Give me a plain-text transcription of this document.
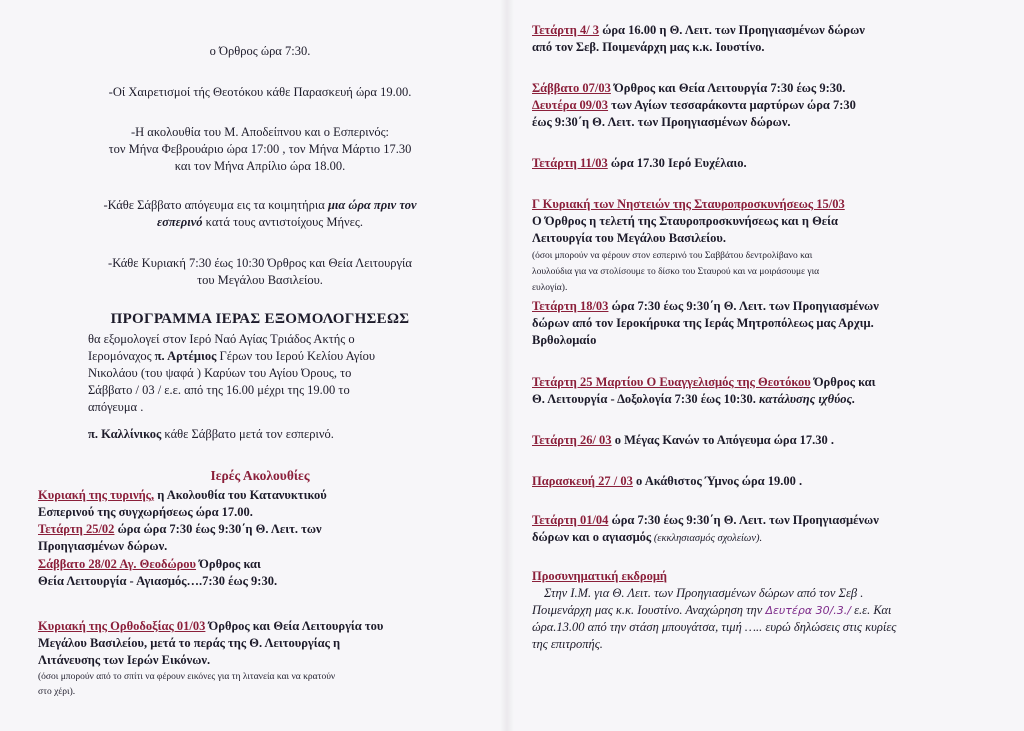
ο Όρθρος ώρα 7:30.
-Οί Χαιρετισμοί τής Θεοτόκου κάθε Παρασκευή ώρα 19.00.
-Η ακολουθία του Μ. Αποδείπνου και ο Εσπερινός:
τον Μήνα Φεβρουάριο ώρα 17:00 , τον Μήνα Μάρτιο 17.30
και τον Μήνα Απρίλιο ώρα 18.00.
-Κάθε Σάββατο απόγευμα εις τα κοιμητήρια μια ώρα πριν τον
εσπερινό κατά τους αντιστοίχους Μήνες.
-Κάθε Κυριακή 7:30 έως 10:30 Όρθρος και Θεία Λειτουργία
του Μεγάλου Βασιλείου.
ΠΡΟΓΡΑΜΜΑ ΙΕΡΑΣ ΕΞΟΜΟΛΟΓΗΣΕΩΣ
θα εξομολογεί στον Ιερό Ναό Αγίας Τριάδος Ακτής ο
Ιερομόναχος π. Αρτέμιος Γέρων του Ιερού Κελίου Αγίου
Νικολάου (του ψαφά ) Καρύων του Αγίου Όρους, το
Σάββατο / 03 / ε.ε. από της 16.00 μέχρι της 19.00 το
απόγευμα .
π. Καλλίνικος κάθε Σάββατο μετά τον εσπερινό.
Ιερές Ακολουθίες
Κυριακή της τυρινής, η Ακολουθία του Κατανυκτικού
Εσπερινού της συγχωρήσεως ώρα 17.00.
Τετάρτη 25/02 ώρα ώρα 7:30 έως 9:30΄η Θ. Λειτ. των
Προηγιασμένων δώρων.
Σάββατο 28/02 Αγ. Θεοδώρου Όρθρος και
Θεία Λειτουργία - Αγιασμός….7:30 έως 9:30.
Κυριακή της Ορθοδοξίας 01/03 Όρθρος και Θεία Λειτουργία του
Μεγάλου Βασιλείου, μετά το περάς της Θ. Λειτουργίας η
Λιτάνευσης των Ιερών Εικόνων.
(όσοι μπορούν από το σπίτι να φέρουν εικόνες για τη λιτανεία και να κρατούν
στο χέρι).
Τετάρτη 4/ 3 ώρα 16.00 η Θ. Λειτ. των Προηγιασμένων δώρων
από τον Σεβ. Ποιμενάρχη μας κ.κ. Ιουστίνο.
Σάββατο 07/03 Όρθρος και Θεία Λειτουργία 7:30 έως 9:30.
Δευτέρα 09/03 των Αγίων τεσσαράκοντα μαρτύρων ώρα 7:30
έως 9:30΄η Θ. Λειτ. των Προηγιασμένων δώρων.
Τετάρτη 11/03 ώρα 17.30 Ιερό Ευχέλαιο.
Γ Κυριακή των Νηστειών της Σταυροπροσκυνήσεως 15/03
Ο Όρθρος η τελετή της Σταυροπροσκυνήσεως και η Θεία
Λειτουργία του Μεγάλου Βασιλείου.
(όσοι μπορούν να φέρουν στον εσπερινό του Σαββάτου δεντρολίβανο και
λουλούδια για να στολίσουμε το δίσκο του Σταυρού και να μοιράσουμε για
ευλογία).
Τετάρτη 18/03 ώρα 7:30 έως 9:30΄η Θ. Λειτ. των Προηγιασμένων
δώρων από τον Ιεροκήρυκα της Ιεράς Μητροπόλεως μας Αρχιμ.
Βρθολομαίο
Τετάρτη 25 Μαρτίου Ο Ευαγγελισμός της Θεοτόκου Όρθρος και
Θ. Λειτουργία - Δοξολογία 7:30 έως 10:30. κατάλυσης ιχθύος.
Τετάρτη 26/ 03 ο Μέγας Κανών το Απόγευμα ώρα 17.30 .
Παρασκευή 27 / 03 ο Ακάθιστος Ύμνος ώρα 19.00 .
Τετάρτη 01/04 ώρα 7:30 έως 9:30΄η Θ. Λειτ. των Προηγιασμένων
δώρων και ο αγιασμός (εκκλησιασμός σχολείων).
Προσυνηματική εκδρομή
Στην Ι.Μ. για Θ. Λειτ. των Προηγιασμένων δώρων από τον Σεβ .
Ποιμενάρχη μας κ.κ. Ιουστίνο. Αναχώρηση την Δευτέρα 30/.3./ ε.ε. Και
ώρα.13.00 από την στάση μπουγάτσα, τιμή ….. ευρώ δηλώσεις στις κυρίες
της επιτροπής.
